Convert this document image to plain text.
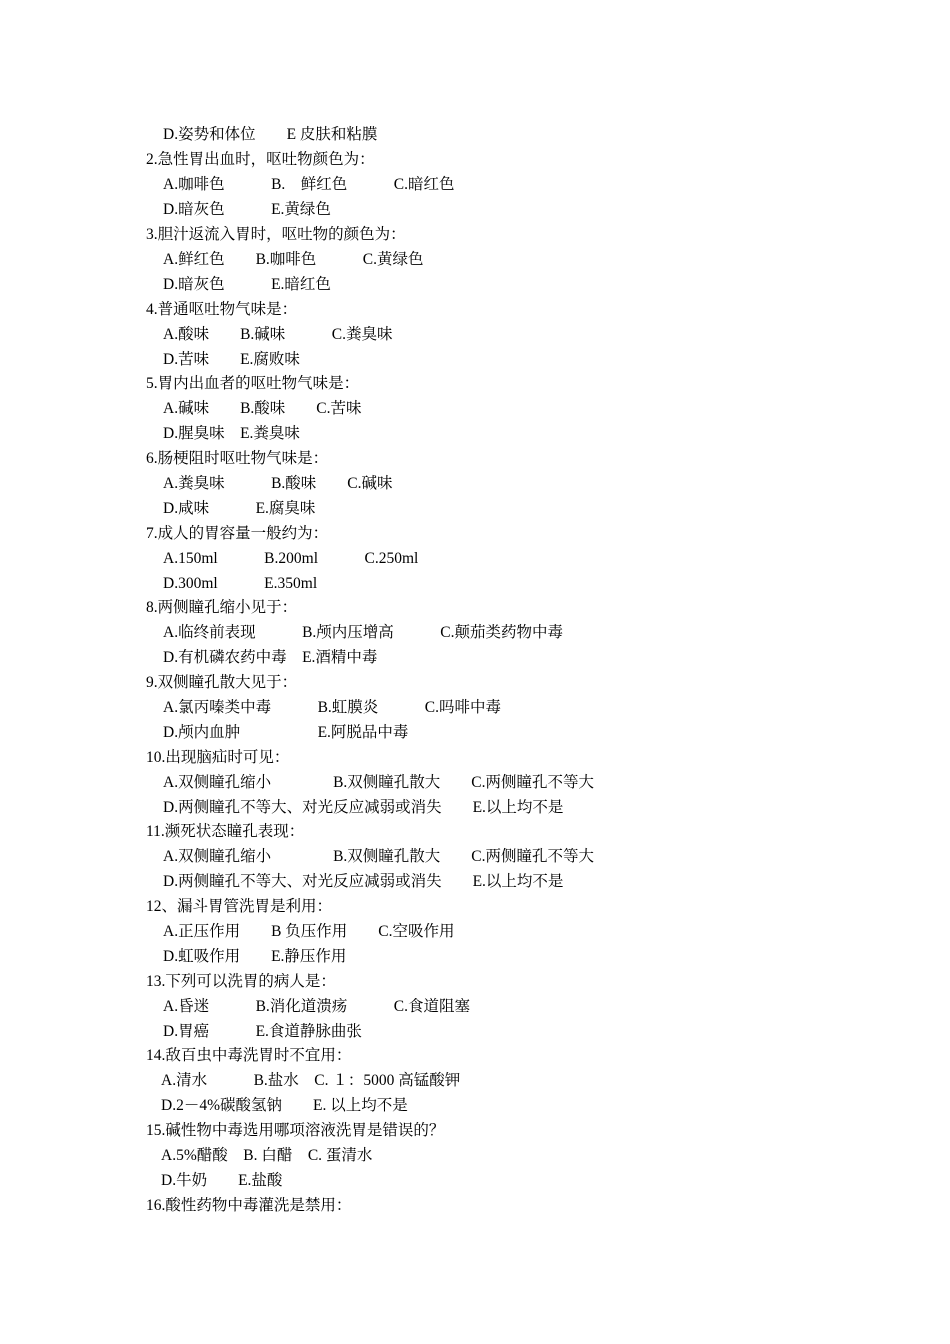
D.姿势和体位        E 皮肤和粘膜
2.急性胃出血时，呕吐物颜色为：
A.咖啡色            B.    鲜红色            C.暗红色
D.暗灰色            E.黄绿色
3.胆汁返流入胃时，呕吐物的颜色为：
A.鲜红色        B.咖啡色            C.黄绿色
D.暗灰色            E.暗红色
4.普通呕吐物气味是：
A.酸味        B.碱味            C.粪臭味
D.苦味        E.腐败味
5.胃内出血者的呕吐物气味是：
A.碱味        B.酸味        C.苦味
D.腥臭味    E.粪臭味
6.肠梗阻时呕吐物气味是：
A.粪臭味            B.酸味        C.碱味
D.咸味            E.腐臭味
7.成人的胃容量一般约为：
A.150ml            B.200ml            C.250ml
D.300ml            E.350ml
8.两侧瞳孔缩小见于：
A.临终前表现            B.颅内压增高            C.颠茄类药物中毒
D.有机磷农药中毒    E.酒精中毒
9.双侧瞳孔散大见于：
A.氯丙嗪类中毒            B.虹膜炎            C.吗啡中毒
D.颅内血肿                    E.阿脱品中毒
10.出现脑疝时可见：
A.双侧瞳孔缩小                B.双侧瞳孔散大        C.两侧瞳孔不等大
D.两侧瞳孔不等大、对光反应减弱或消失        E.以上均不是
11.濒死状态瞳孔表现：
A.双侧瞳孔缩小                B.双侧瞳孔散大        C.两侧瞳孔不等大
D.两侧瞳孔不等大、对光反应减弱或消失        E.以上均不是
12、漏斗胃管洗胃是利用：
A.正压作用        B 负压作用        C.空吸作用
D.虹吸作用        E.静压作用
13.下列可以洗胃的病人是：
A.昏迷            B.消化道溃疡            C.食道阻塞
D.胃癌            E.食道静脉曲张
14.敌百虫中毒洗胃时不宜用：
A.清水            B.盐水    C. １：5000 高锰酸钾
D.2－4%碳酸氢钠        E. 以上均不是
15.碱性物中毒选用哪项溶液洗胃是错误的？
A.5%醋酸    B. 白醋    C. 蛋清水
D.牛奶        E.盐酸
16.酸性药物中毒灌洗是禁用：
